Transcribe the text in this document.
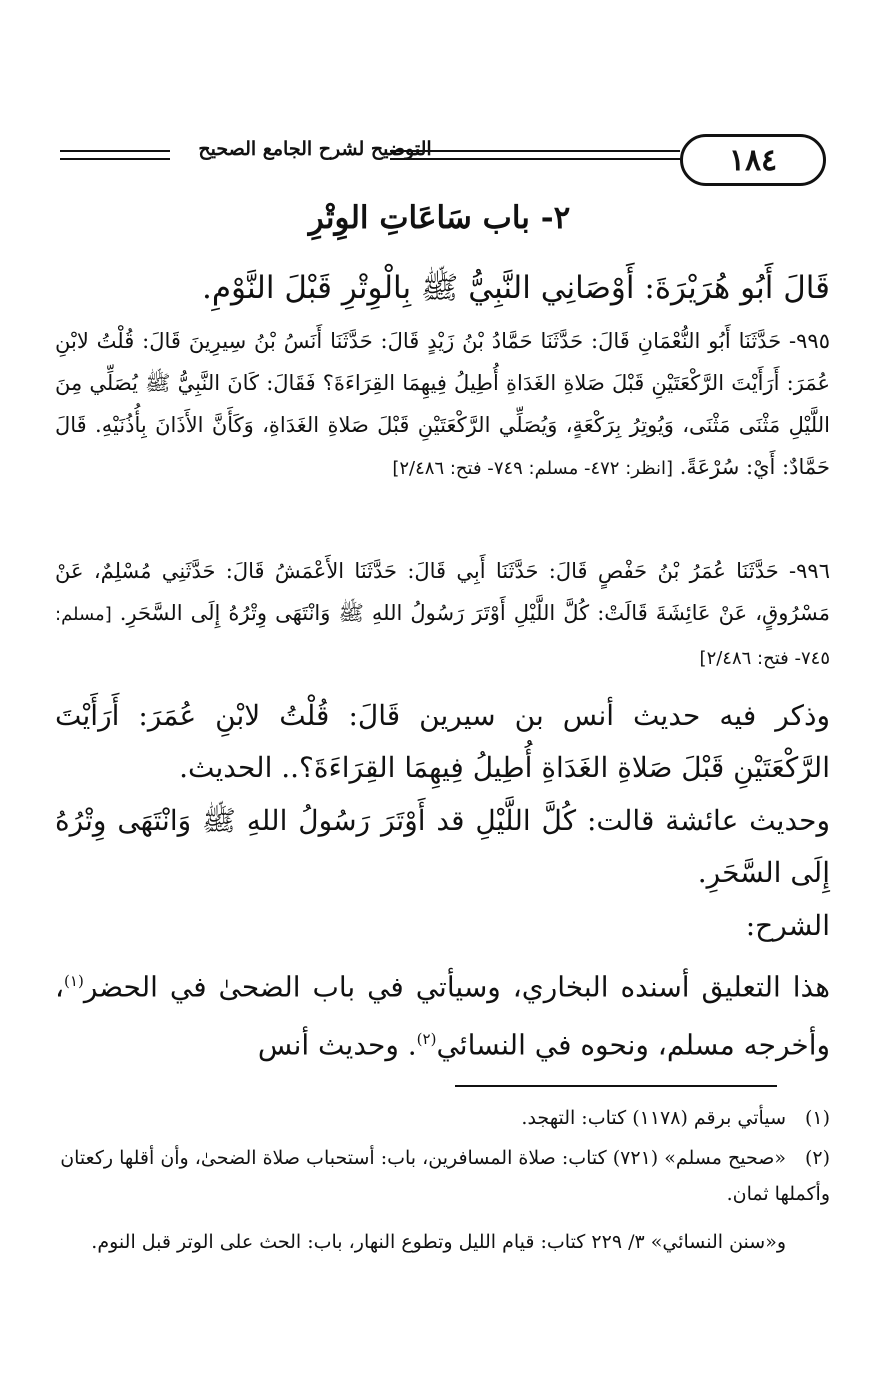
التوضيح لشرح الجامع الصحيح	١٨٤
٢- باب سَاعَاتِ الوِتْرِ
قَالَ أَبُو هُرَيْرَةَ: أَوْصَانِي النَّبِيُّ ﷺ بِالْوِتْرِ قَبْلَ النَّوْمِ.
٩٩٥- حَدَّثَنَا أَبُو النُّعْمَانِ قَالَ: حَدَّثَنَا حَمَّادُ بْنُ زَيْدٍ قَالَ: حَدَّثَنَا أَنَسُ بْنُ سِيرِينَ قَالَ: قُلْتُ لابْنِ عُمَرَ: أَرَأَيْتَ الرَّكْعَتَيْنِ قَبْلَ صَلاةِ الغَدَاةِ أُطِيلُ فِيهِمَا القِرَاءَةَ؟ فَقَالَ: كَانَ النَّبِيُّ ﷺ يُصَلِّي مِنَ اللَّيْلِ مَثْنَى مَثْنَى، وَيُوتِرُ بِرَكْعَةٍ، وَيُصَلِّي الرَّكْعَتَيْنِ قَبْلَ صَلاةِ الغَدَاةِ، وَكَأَنَّ الأَذَانَ بِأُذُنَيْهِ. قَالَ حَمَّادٌ: أَيْ: سُرْعَةً. [انظر: ٤٧٢- مسلم: ٧٤٩- فتح: ٢/٤٨٦]
٩٩٦- حَدَّثَنَا عُمَرُ بْنُ حَفْصٍ قَالَ: حَدَّثَنَا أَبِي قَالَ: حَدَّثَنَا الأَعْمَشُ قَالَ: حَدَّثَنِي مُسْلِمٌ، عَنْ مَسْرُوقٍ، عَنْ عَائِشَةَ قَالَتْ: كُلَّ اللَّيْلِ أَوْتَرَ رَسُولُ اللهِ ﷺ وَانْتَهَى وِتْرُهُ إِلَى السَّحَرِ. [مسلم: ٧٤٥- فتح: ٢/٤٨٦]
وذكر فيه حديث أنس بن سيرين قَالَ: قُلْتُ لابْنِ عُمَرَ: أَرَأَيْتَ الرَّكْعَتَيْنِ قَبْلَ صَلاةِ الغَدَاةِ أُطِيلُ فِيهِمَا القِرَاءَةَ؟.. الحديث.
وحديث عائشة قالت: كُلَّ اللَّيْلِ قد أَوْتَرَ رَسُولُ اللهِ ﷺ وَانْتَهَى وِتْرُهُ إِلَى السَّحَرِ.
الشرح:
هذا التعليق أسنده البخاري، وسيأتي في باب الضحىٰ في الحضر$^{(١)}$، وأخرجه مسلم، ونحوه في النسائي$^{(٢)}$. وحديث أنس
(١)سيأتي برقم (١١٧٨) كتاب: التهجد.
(٢)«صحيح مسلم» (٧٢١) كتاب: صلاة المسافرين، باب: أستحباب صلاة الضحىٰ، وأن أقلها ركعتان وأكملها ثمان.
و«سنن النسائي» ٣/ ٢٢٩ كتاب: قيام الليل وتطوع النهار، باب: الحث على الوتر قبل النوم.
